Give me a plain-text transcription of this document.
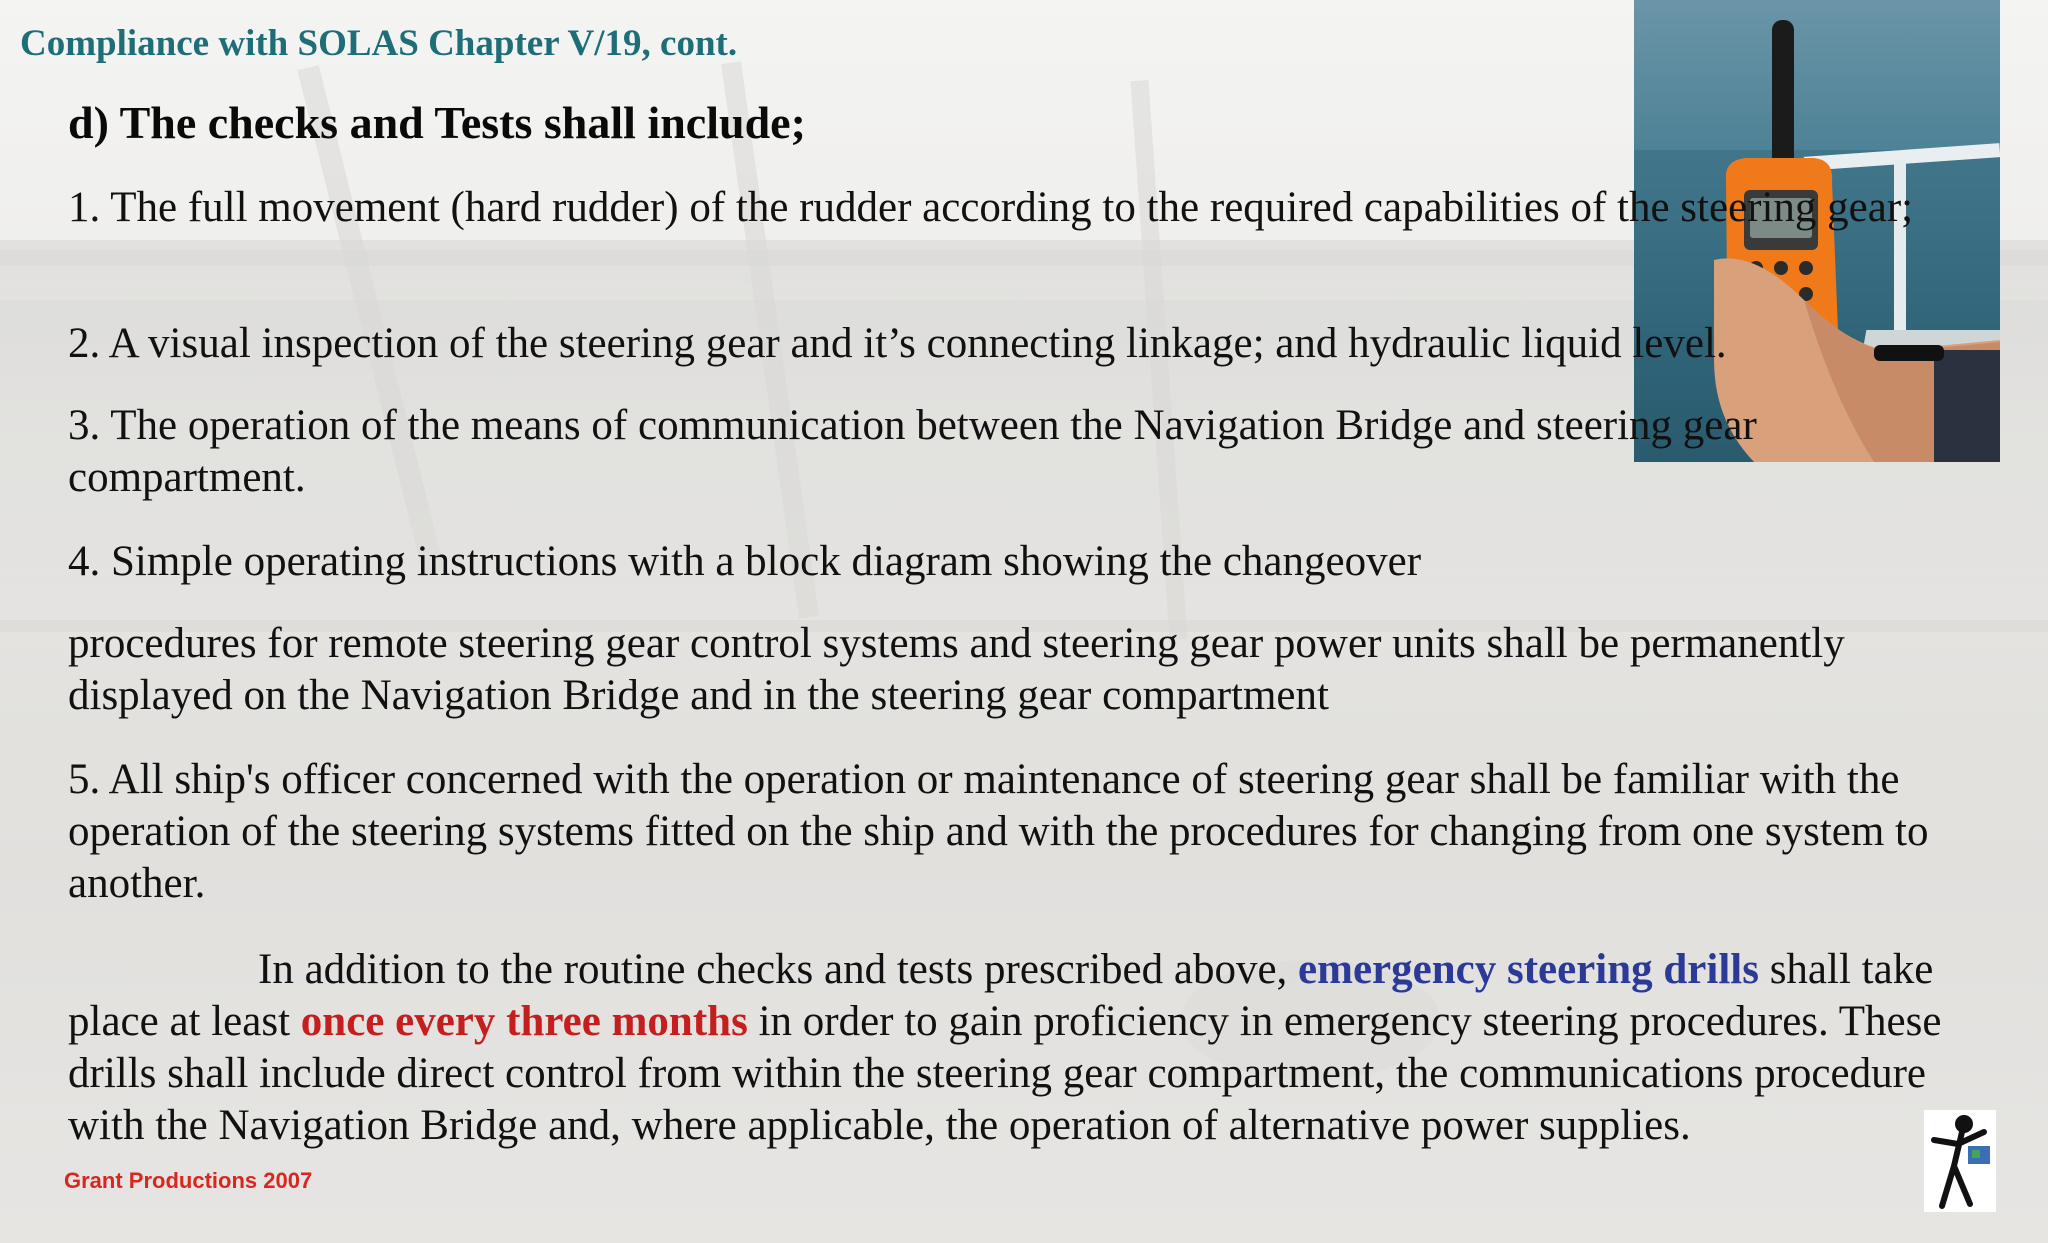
Compliance with SOLAS Chapter V/19, cont.
d) The checks and Tests shall include;

1. The full movement (hard rudder) of the rudder according to the required capabilities of the steering gear;

2. A visual inspection of the steering gear and it’s connecting linkage; and hydraulic liquid level.

3. The operation of the means of communication between the Navigation Bridge and steering gear compartment.

4. Simple operating instructions with a block diagram showing the changeover

procedures for remote steering gear control systems and steering gear power units shall be permanently displayed on the Navigation Bridge and in the steering gear compartment

5. All ship's officer concerned with the operation or maintenance of steering gear shall be familiar with the operation of the steering systems fitted on the ship and with the procedures for changing from one system to another.

In addition to the routine checks and tests prescribed above, emergency steering drills shall take place at least once every three months in order to gain proficiency in emergency steering procedures. These drills shall include direct control from within the steering gear compartment, the communications procedure with the Navigation Bridge and, where applicable, the operation of alternative power supplies.

Grant Productions 2007
